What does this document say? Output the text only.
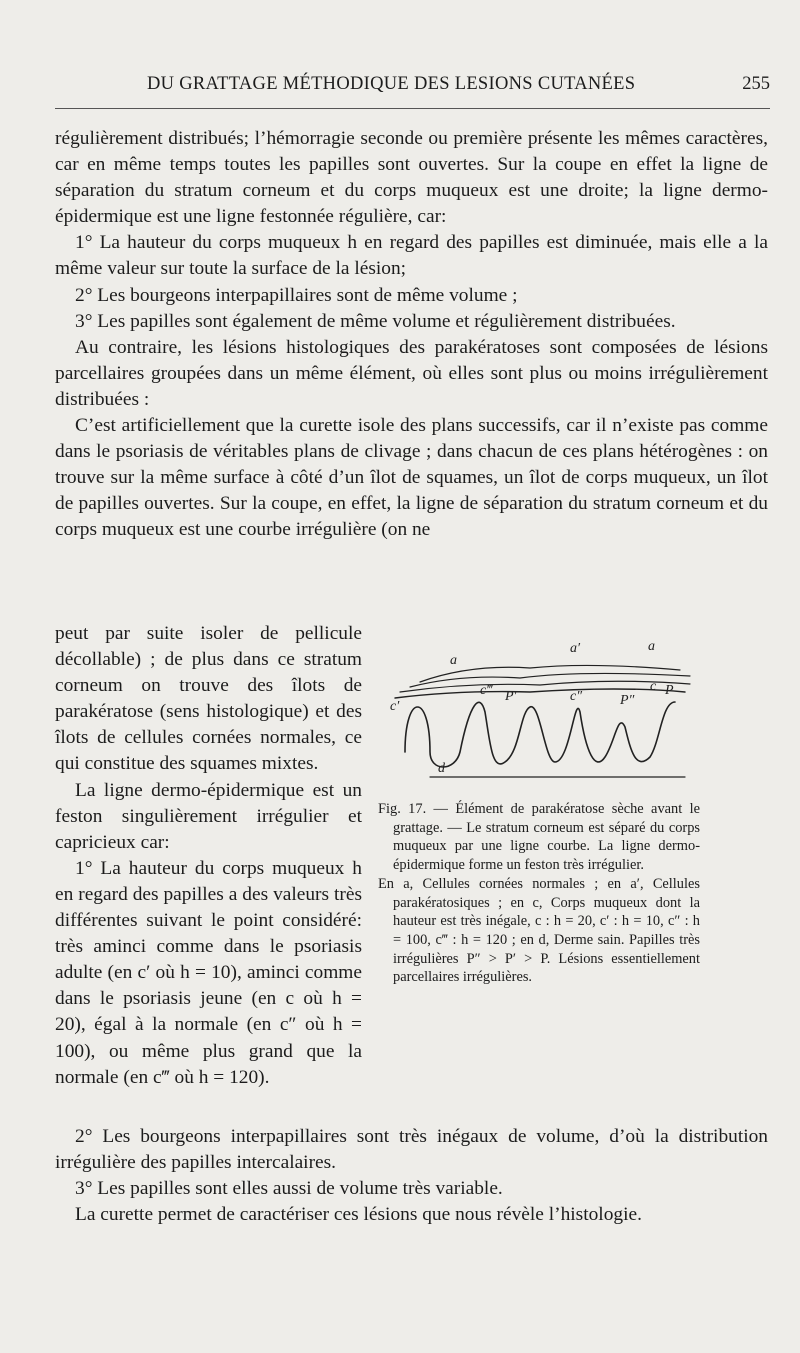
DU GRATTAGE MÉTHODIQUE DES LESIONS CUTANÉES	255

régulièrement distribués; l’hémorragie seconde ou première présente les mêmes caractères, car en même temps toutes les papilles sont ouvertes. Sur la coupe en effet la ligne de séparation du stratum corneum et du corps muqueux est une droite; la ligne dermo-épidermique est une ligne festonnée régulière, car:

1° La hauteur du corps muqueux h en regard des papilles est diminuée, mais elle a la même valeur sur toute la surface de la lésion;

2° Les bourgeons interpapillaires sont de même volume ;

3° Les papilles sont également de même volume et régulièrement distribuées.

Au contraire, les lésions histologiques des parakératoses sont composées de lésions parcellaires groupées dans un même élément, où elles sont plus ou moins irrégulièrement distribuées :

C’est artificiellement que la curette isole des plans successifs, car il n’existe pas comme dans le psoriasis de véritables plans de clivage ; dans chacun de ces plans hétérogènes : on trouve sur la même surface à côté d’un îlot de squames, un îlot de corps muqueux, un îlot de papilles ouvertes. Sur la coupe, en effet, la ligne de séparation du stratum corneum et du corps muqueux est une courbe irrégulière (on ne

peut par suite isoler de pellicule décollable) ; de plus dans ce stratum corneum on trouve des îlots de parakératose (sens histologique) et des îlots de cellules cornées normales, ce qui constitue des squames mixtes.

La ligne dermo-épidermique est un feston singulièrement irrégulier et capricieux car:

1° La hauteur du corps muqueux h en regard des papilles a des valeurs très différentes suivant le point considéré: très aminci comme dans le psoriasis adulte (en c′ où h = 10), aminci comme dans le psoriasis jeune (en c où h = 20), égal à la normale (en c″ où h = 100), ou même plus grand que la normale (en c‴ où h = 120).

a
a′	a
c′
c‴	c″
c
P′	P″
P
d

Fig. 17. — Élément de parakératose sèche avant le grattage. — Le stratum corneum est séparé du corps muqueux par une ligne courbe. La ligne dermo-épidermique forme un feston très irrégulier.

En a, Cellules cornées normales ; en a′, Cellules parakératosiques ; en c, Corps muqueux dont la hauteur est très inégale, c : h = 20, c′ : h = 10, c″ : h = 100, c‴ : h = 120 ; en d, Derme sain. Papilles très irrégulières P″ > P′ > P. Lésions essentiellement parcellaires irrégulières.

2° Les bourgeons interpapillaires sont très inégaux de volume, d’où la distribution irrégulière des papilles intercalaires.

3° Les papilles sont elles aussi de volume très variable.

La curette permet de caractériser ces lésions que nous révèle l’histologie.
